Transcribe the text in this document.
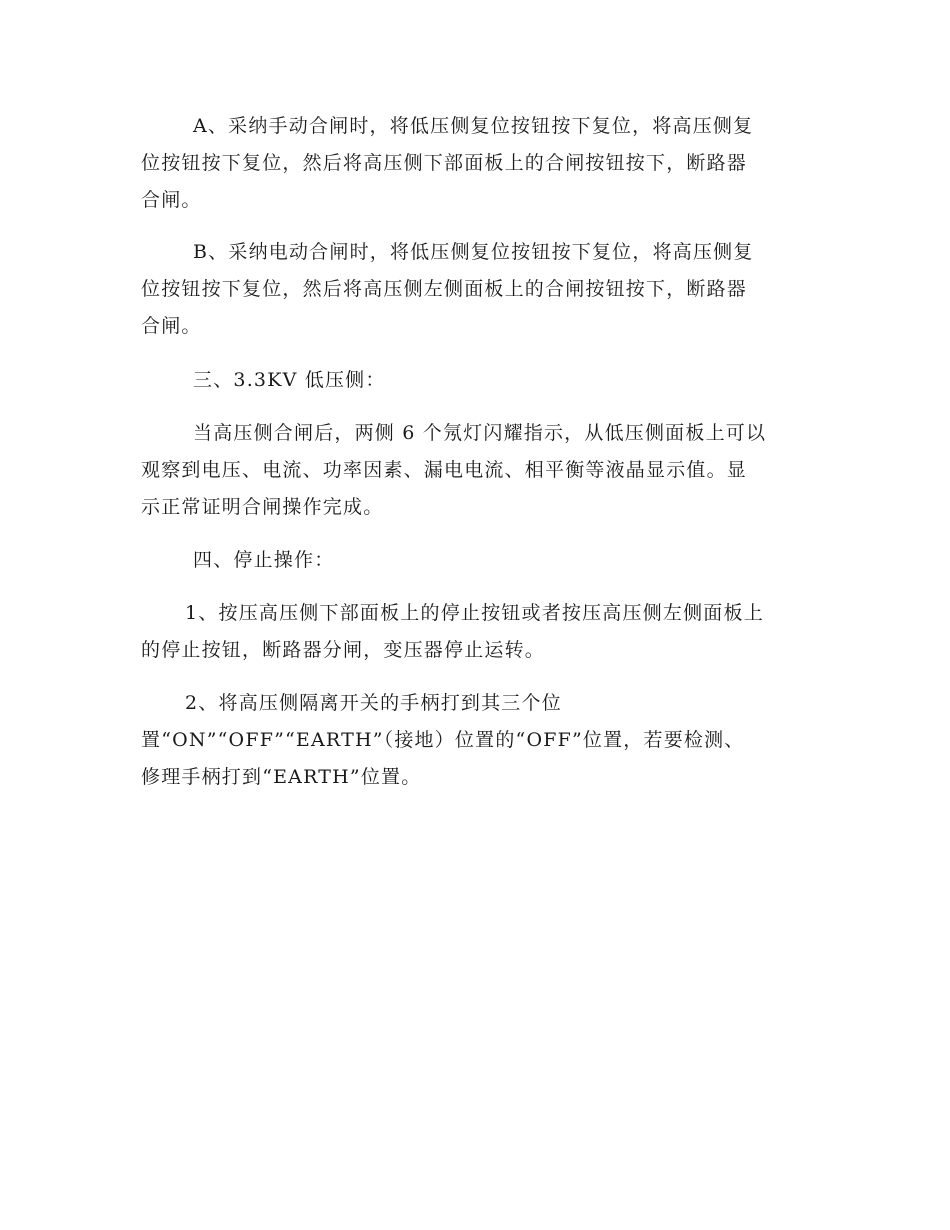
A、采纳手动合闸时，将低压侧复位按钮按下复位，将高压侧复
位按钮按下复位，然后将高压侧下部面板上的合闸按钮按下，断路器
合闸。

B、采纳电动合闸时，将低压侧复位按钮按下复位，将高压侧复
位按钮按下复位，然后将高压侧左侧面板上的合闸按钮按下，断路器
合闸。

三、3.3KV 低压侧：

当高压侧合闸后，两侧 6 个氖灯闪耀指示，从低压侧面板上可以
观察到电压、电流、功率因素、漏电电流、相平衡等液晶显示值。显
示正常证明合闸操作完成。

四、停止操作：

1、按压高压侧下部面板上的停止按钮或者按压高压侧左侧面板上
的停止按钮，断路器分闸，变压器停止运转。

2、将高压侧隔离开关的手柄打到其三个位
置“ON”“OFF”“EARTH”（接地）位置的“OFF”位置，若要检测、
修理手柄打到“EARTH”位置。
